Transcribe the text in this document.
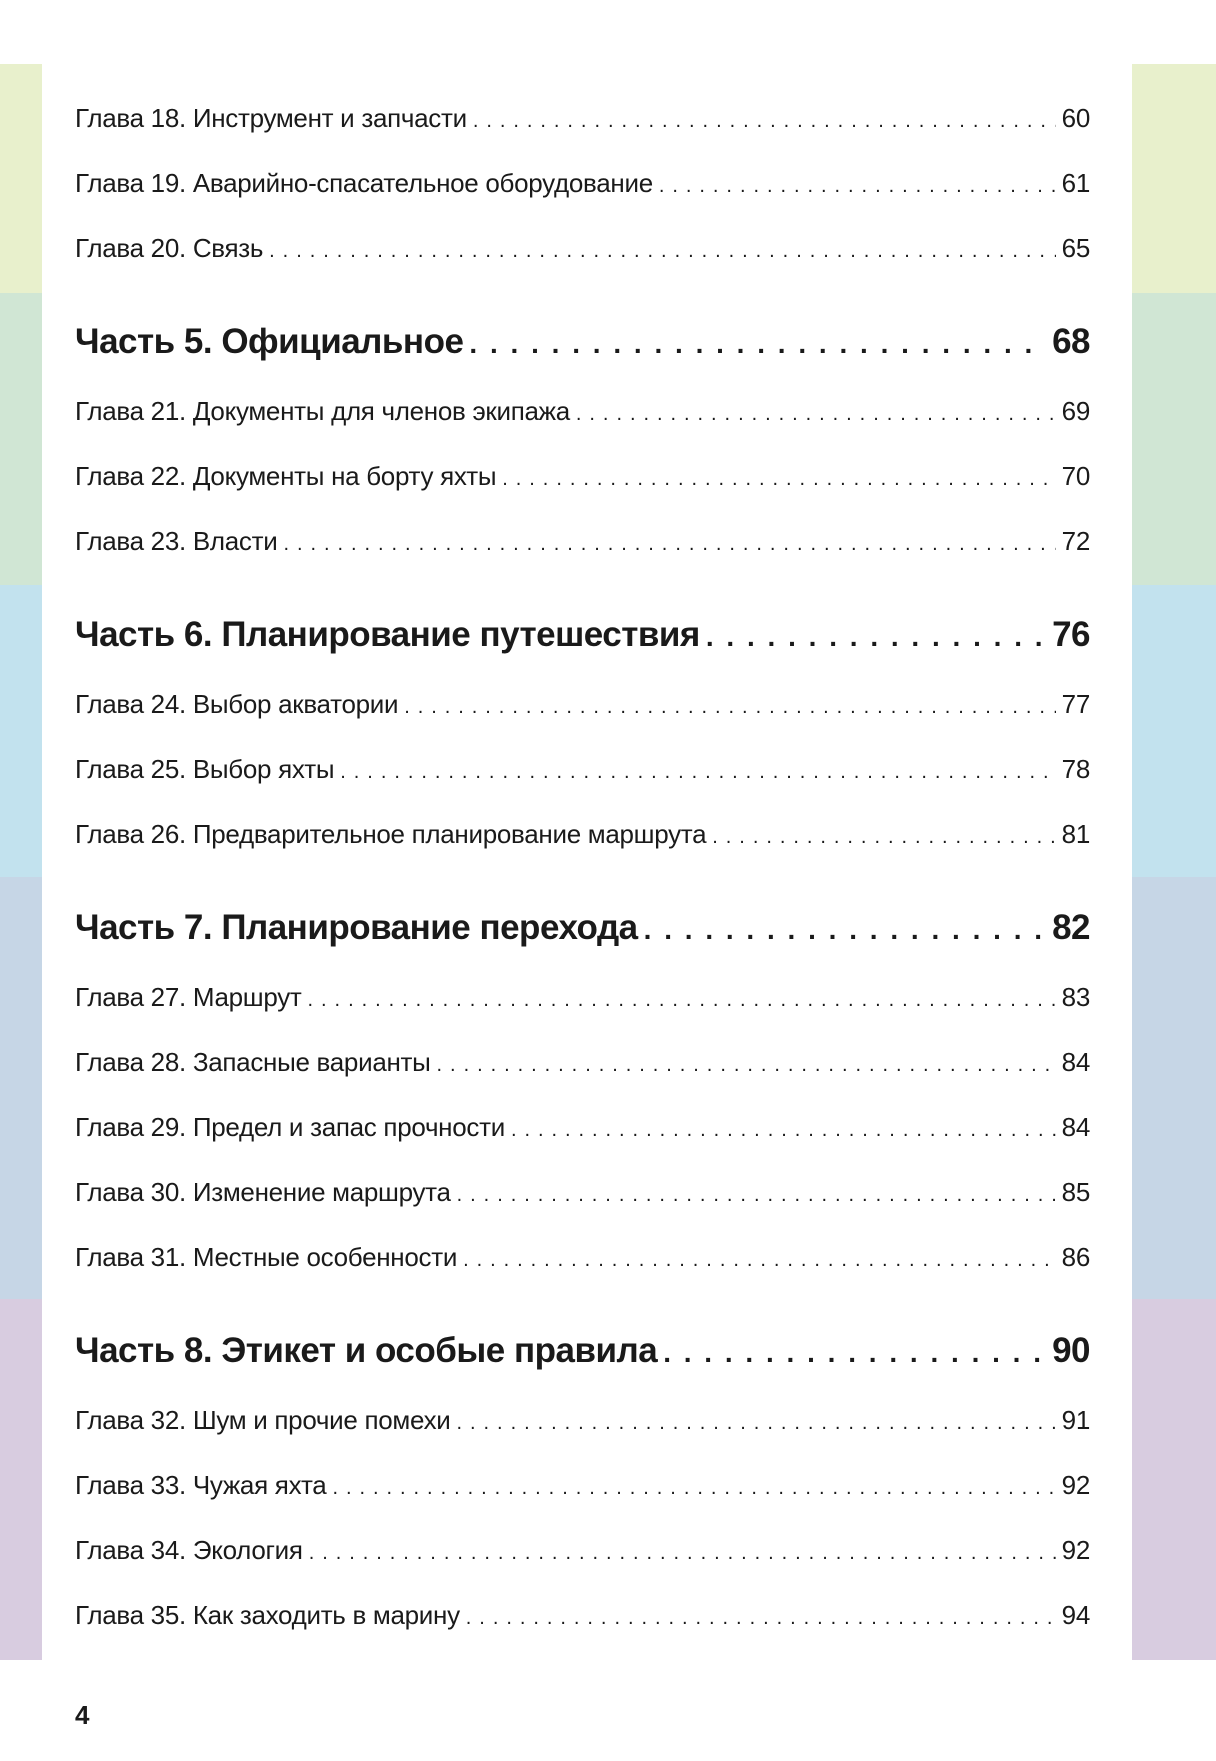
Глава 18. Инструмент и запчасти . . .	60
Глава 19. Аварийно-спасательное оборудование . . .	61
Глава 20. Связь . . .	65
Часть 5. Официальное . . .	68
Глава 21. Документы для членов экипажа . . .	69
Глава 22. Документы на борту яхты . . .	70
Глава 23. Власти . . .	72
Часть 6. Планирование путешествия . . .	76
Глава 24. Выбор акватории . . .	77
Глава 25. Выбор яхты . . .	78
Глава 26. Предварительное планирование маршрута . . .	81
Часть 7. Планирование перехода . . .	82
Глава 27. Маршрут . . .	83
Глава 28. Запасные варианты . . .	84
Глава 29. Предел и запас прочности . . .	84
Глава 30. Изменение маршрута . . .	85
Глава 31. Местные особенности . . .	86
Часть 8. Этикет и особые правила . . .	90
Глава 32. Шум и прочие помехи . . .	91
Глава 33. Чужая яхта . . .	92
Глава 34. Экология . . .	92
Глава 35. Как заходить в марину . . .	94
4
